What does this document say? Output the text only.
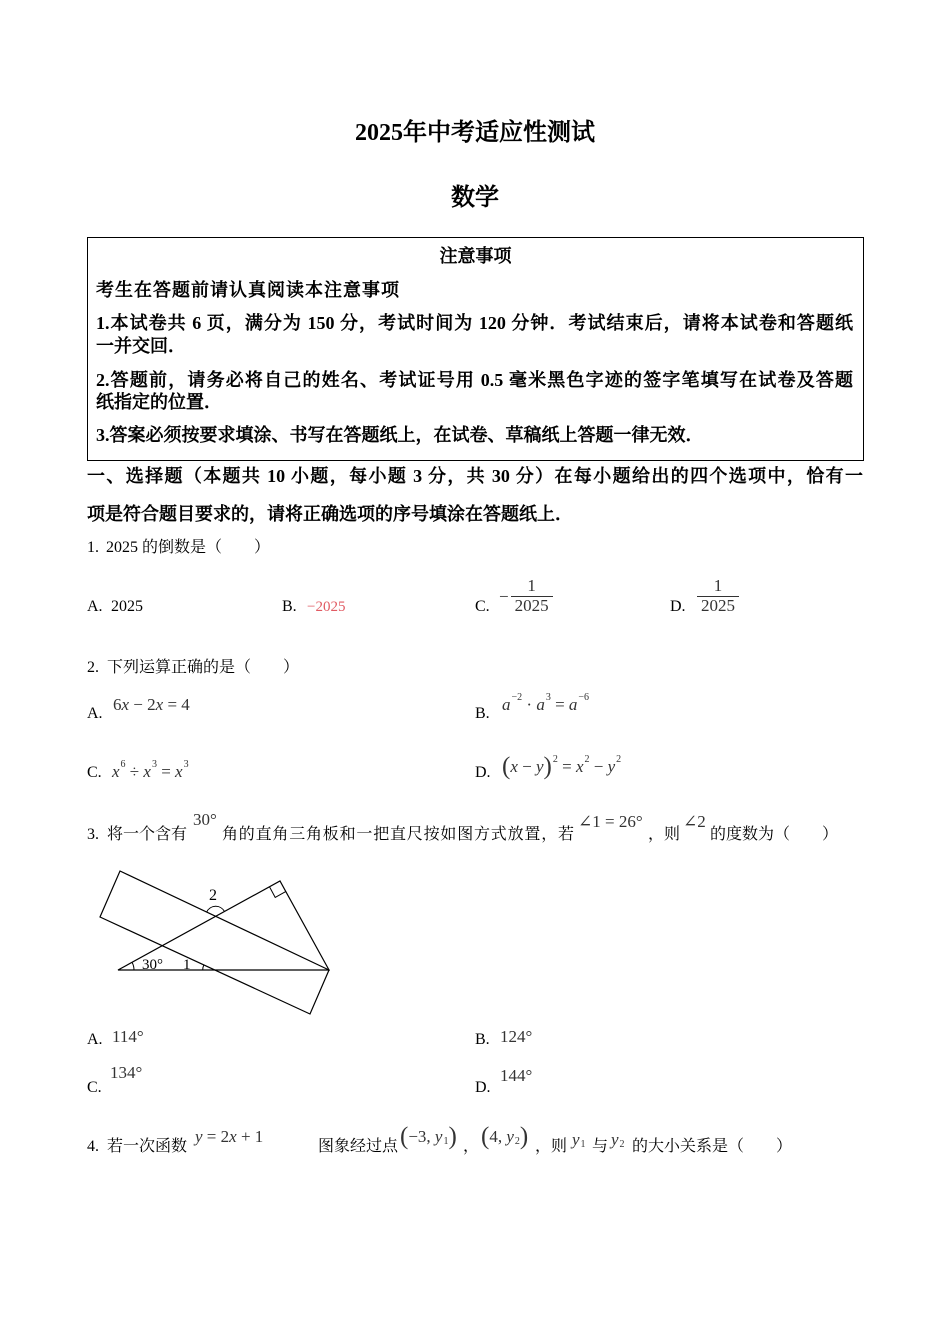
2025年中考适应性测试
数学
注意事项
考生在答题前请认真阅读本注意事项
1.本试卷共 6 页，满分为 150 分，考试时间为 120 分钟．考试结束后，请将本试卷和答题纸
一并交回．
2.答题前，请务必将自己的姓名、考试证号用 0.5 毫米黑色字迹的签字笔填写在试卷及答题
纸指定的位置．
3.答案必须按要求填涂、书写在答题纸上，在试卷、草稿纸上答题一律无效．
一、选择题（本题共 10 小题，每小题 3 分，共 30 分）在每小题给出的四个选项中，恰有一
项是符合题目要求的，请将正确选项的序号填涂在答题纸上．
1. 2025 的倒数是（　　）
A. 2025	B. −2025	C.
− $\frac{1}{2025}$	D. $\frac{1}{2025}$
2. 下列运算正确的是（　　）
A. 6 x − 2 x = 4	B. a −2 · a 3 = a −6
C. x 6 ÷ x 3 = x 3	D. ( x − y ) 2 = x 2 − y 2
3. 将一个含有
30°
角的直角三角板和一把直尺按如图方式放置，若
∠1 = 26°
，则
∠2
的度数为（　　）
2
30° 1
A. 114°	B. 124°
C.
134°
D.
144°
4. 若一次函数
y = 2 x + 1
图象经过点 ( −3, y 1 ) ， ( 4, y 2 ) ，则 y 1 与 y 2 的大小关系是（　　）
